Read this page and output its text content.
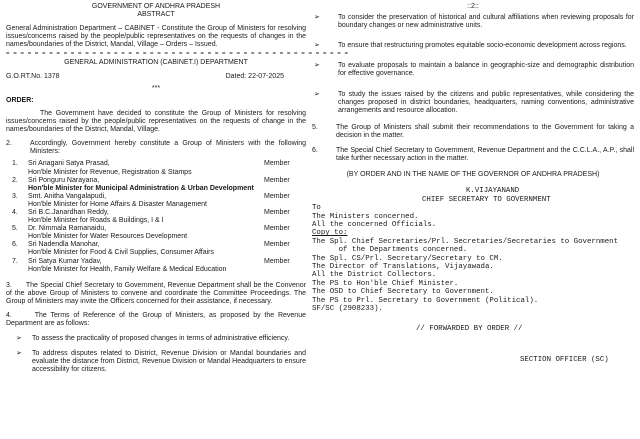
GOVERNMENT OF ANDHRA PRADESH

ABSTRACT

General Administration Department – CABINET - Constitute the Group of Ministers for resolving issues/concerns raised by the people/public representatives on the requests of changes in the names/boundaries of the District, Mandal, Village – Orders – Issued.

= = = = = = = = = = = = = = = = = = = = = = = = = = = = = = = = = = = = = = = = = = = = = = = =

GENERAL ADMINISTRATION (CABINET.I) DEPARTMENT

G.O.RT.No. 1378	Dated: 22-07-2025

***

ORDER:

The Government have decided to constitute the Group of Ministers for resolving issues/concerns raised by the people/public representatives on the requests of change in the names/boundaries of the District, Mandal, Village.

2.	Accordingly, Government hereby constitute a Group of Ministers with the following Ministers:
1.	Sri Anagani Satya Prasad,
Hon'ble Minister for Revenue, Registration & Stamps
Member
2.	Sri Ponguru Narayana,
Hon'ble Minister for Municipal Administration & Urban Development
Member
3.	Smt. Anitha Vangalapudi,
Hon'ble Minister for Home Affairs & Disaster Management
Member
4.	Sri B.C.Janardhan Reddy,
Hon'ble Minister for Roads & Buildings, I & I
Member
5.	Dr. Nimmala Ramanaidu,
Hon'ble Minister for Water Resources Development
Member
6.	Sri Nadendla Manohar,
Hon'ble Minister for Food & Civil Supplies, Consumer Affairs
Member
7.	Sri Satya Kumar Yadav,
Hon'ble Minister for Health, Family Welfare & Medical Education
Member

3. The Special Chief Secretary to Government, Revenue Department shall be the Convenor of the above Group of Ministers to convene and coordinate the Committee Proceedings. The Group of Ministers may invite the Officers concerned for their assistance, if necessary.

4.	The Terms of Reference of the Group of Ministers, as proposed by the Revenue Department are as follows:

➢	To assess the practicality of proposed changes in terms of administrative efficiency.
➢	To address disputes related to District, Revenue Division or Mandal boundaries and evaluate the distance from District, Revenue Division or Mandal Headquarters to ensure accessibility for citizens.

::2::

➢	To consider the preservation of historical and cultural affiliations when reviewing proposals for boundary changes or new administrative units.
➢	To ensure that restructuring promotes equitable socio-economic development across regions.
➢	To evaluate proposals to maintain a balance in geographic-size and demographic distribution for effective governance.
➢	To study the issues raised by the citizens and public representatives, while considering the changes proposed in district boundaries, headquarters, naming conventions, administrative arrangements and resource allocation.
5.	The Group of Ministers shall submit their recommendations to the Government for taking a decision in the matter.
6.	The Special Chief Secretary to Government, Revenue Department and the C.C.L.A., A.P., shall take further necessary action in the matter.

(BY ORDER AND IN THE NAME OF THE GOVERNOR OF ANDHRA PRADESH)

K.VIJAYANAND

CHIEF SECRETARY TO GOVERNMENT

To

The Ministers concerned.

All the concerned Officials.

Copy to:

The Spl. Chief Secretaries/Prl. Secretaries/Secretaries to Government

of the Departments concerned.

The Spl. CS/Prl. Secretary/Secretary to CM.

The Director of Translations, Vijayawada.

All the District Collectors.

The PS to Hon'ble Chief Minister.

The OSD to Chief Secretary to Government.

The PS to Prl. Secretary to Government (Political).

SF/SC (2908233).

// FORWARDED BY ORDER //

SECTION OFFICER (SC)
